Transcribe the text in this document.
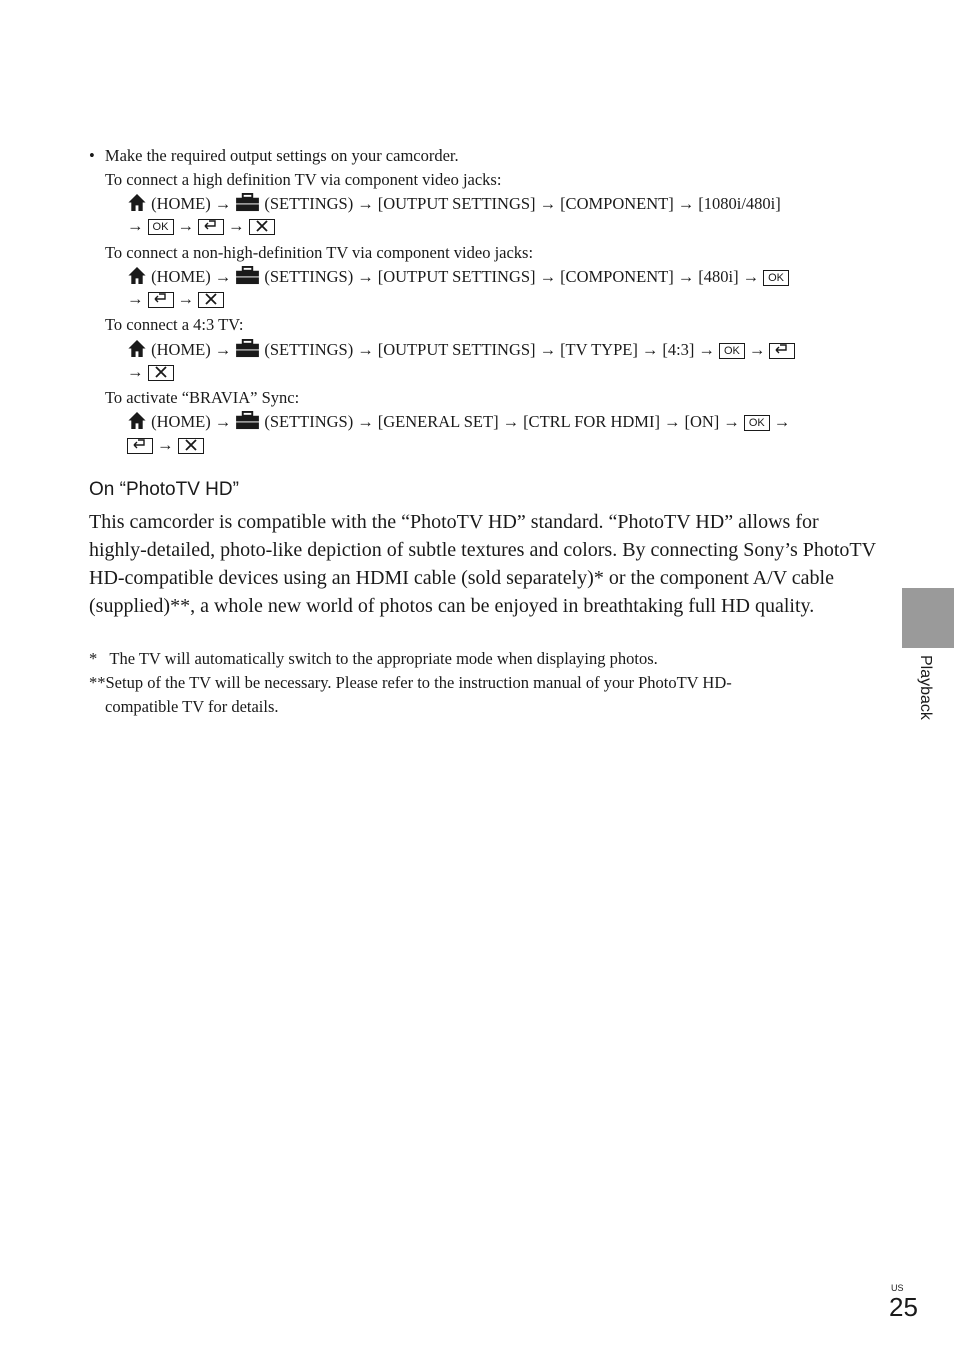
• Make the required output settings on your camcorder.
To connect a high definition TV via component video jacks:
(HOME) → (SETTINGS) → [OUTPUT SETTINGS] → [COMPONENT] → [1080i/480i]
→ OK → →
To connect a non-high-definition TV via component video jacks:
(HOME) → (SETTINGS) → [OUTPUT SETTINGS] → [COMPONENT] → [480i] → OK
→ →
To connect a 4:3 TV:
(HOME) → (SETTINGS) → [OUTPUT SETTINGS] → [TV TYPE] → [4:3] → OK →
→
To activate “BRAVIA” Sync:
(HOME) → (SETTINGS) → [GENERAL SET] → [CTRL FOR HDMI] → [ON] → OK →
→
On “PhotoTV HD”
This camcorder is compatible with the “PhotoTV HD” standard. “PhotoTV HD” allows for highly-detailed, photo-like depiction of subtle textures and colors. By connecting Sony’s PhotoTV HD-compatible devices using an HDMI cable (sold separately)* or the component A/V cable (supplied)**, a whole new world of photos can be enjoyed in breathtaking full HD quality.
* The TV will automatically switch to the appropriate mode when displaying photos.
**Setup of the TV will be necessary. Please refer to the instruction manual of your PhotoTV HD-
compatible TV for details.	Playback
US
25
